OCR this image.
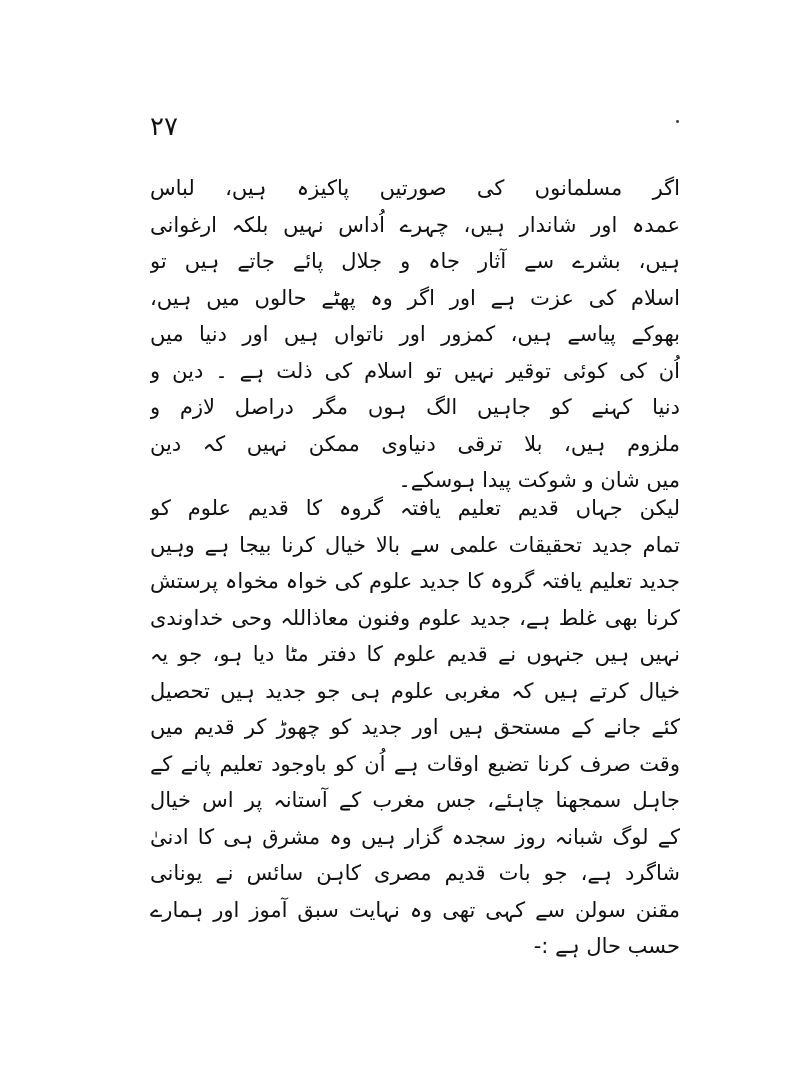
۲۷
اگر مسلمانوں کی صورتیں پاکیزہ ہیں، لباس
عمدہ اور شاندار ہیں، چہرے اُداس نہیں بلکہ ارغوانی
ہیں، بشرے سے آثار جاہ و جلال پائے جاتے ہیں تو
اسلام کی عزت ہے اور اگر وہ پھٹے حالوں میں ہیں،
بھوکے پیاسے ہیں، کمزور اور ناتواں ہیں اور دنیا میں
اُن کی کوئی توقیر نہیں تو اسلام کی ذلت ہے ۔ دین و
دنیا کہنے کو جاہیں الگ ہوں مگر دراصل لازم و
ملزوم ہیں، بلا ترقی دنیاوی ممکن نہیں کہ دین
میں شان و شوکت پیدا ہوسکے۔
لیکن جہاں قدیم تعلیم یافتہ گروہ کا قدیم علوم کو
تمام جدید تحقیقات علمی سے بالا خیال کرنا بیجا ہے وہیں
جدید تعلیم یافتہ گروہ کا جدید علوم کی خواہ مخواہ پرستش
کرنا بھی غلط ہے، جدید علوم وفنون معاذاللہ وحی خداوندی
نہیں ہیں جنہوں نے قدیم علوم کا دفتر مٹا دیا ہو، جو یہ
خیال کرتے ہیں کہ مغربی علوم ہی جو جدید ہیں تحصیل
کئے جانے کے مستحق ہیں اور جدید کو چھوڑ کر قدیم میں
وقت صرف کرنا تضیع اوقات ہے اُن کو باوجود تعلیم پانے کے
جاہل سمجھنا چاہئے، جس مغرب کے آستانہ پر اس خیال
کے لوگ شبانہ روز سجدہ گزار ہیں وہ مشرق ہی کا ادنیٰ
شاگرد ہے، جو بات قدیم مصری کاہن سائس نے یونانی
مقنن سولن سے کہی تھی وہ نہایت سبق آموز اور ہمارے
حسب حال ہے :-
